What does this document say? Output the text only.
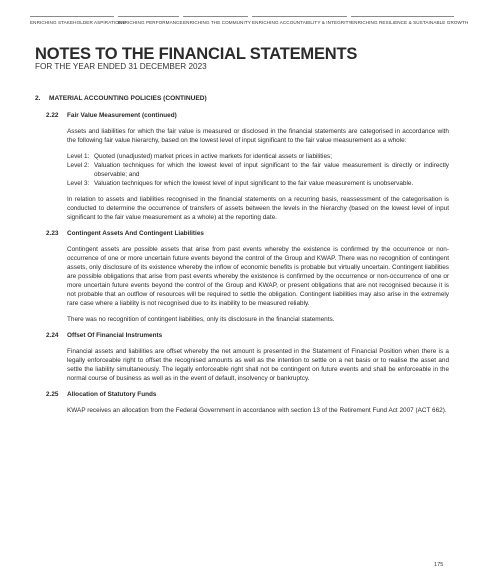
ENRICHING STAKEHOLDER ASPIRATIONS
ENRICHING PERFORMANCE ENRICHING THE COMMUNITY ENRICHING ACCOUNTABILITY & INTEGRITY ENRICHING RESILIENCE & SUSTAINABLE GROWTH
NOTES TO THE FINANCIAL STATEMENTS
FOR THE YEAR ENDED 31 DECEMBER 2023
2.	MATERIAL ACCOUNTING POLICIES (CONTINUED)
2.22	Fair Value Measurement (continued)
Assets and liabilities for which the fair value is measured or disclosed in the financial statements are categorised in accordance with the following fair value hierarchy, based on the lowest level of input significant to the fair value measurement as a whole:
Level 1: Quoted (unadjusted) market prices in active markets for identical assets or liabilities;
Level 2: Valuation techniques for which the lowest level of input significant to the fair value measurement is directly or indirectly observable; and
Level 3: Valuation techniques for which the lowest level of input significant to the fair value measurement is unobservable.
In relation to assets and liabilities recognised in the financial statements on a recurring basis, reassessment of the categorisation is conducted to determine the occurrence of transfers of assets between the levels in the hierarchy (based on the lowest level of input significant to the fair value measurement as a whole) at the reporting date.
2.23	Contingent Assets And Contingent Liabilities
Contingent assets are possible assets that arise from past events whereby the existence is confirmed by the occurrence or non-occurrence of one or more uncertain future events beyond the control of the Group and KWAP. There was no recognition of contingent assets, only disclosure of its existence whereby the inflow of economic benefits is probable but virtually uncertain. Contingent liabilities are possible obligations that arise from past events whereby the existence is confirmed by the occurrence or non-occurrence of one or more uncertain future events beyond the control of the Group and KWAP, or present obligations that are not recognised because it is not probable that an outflow of resources will be required to settle the obligation. Contingent liabilities may also arise in the extremely rare case where a liability is not recognised due to its inability to be measured reliably.
There was no recognition of contingent liabilities, only its disclosure in the financial statements.
2.24	Offset Of Financial Instruments
Financial assets and liabilities are offset whereby the net amount is presented in the Statement of Financial Position when there is a legally enforceable right to offset the recognised amounts as well as the intention to settle on a net basis or to realise the asset and settle the liability simultaneously. The legally enforceable right shall not be contingent on future events and shall be enforceable in the normal course of business as well as in the event of default, insolvency or bankruptcy.
2.25	Allocation of Statutory Funds
KWAP receives an allocation from the Federal Government in accordance with section 13 of the Retirement Fund Act 2007 (ACT 662).
175
